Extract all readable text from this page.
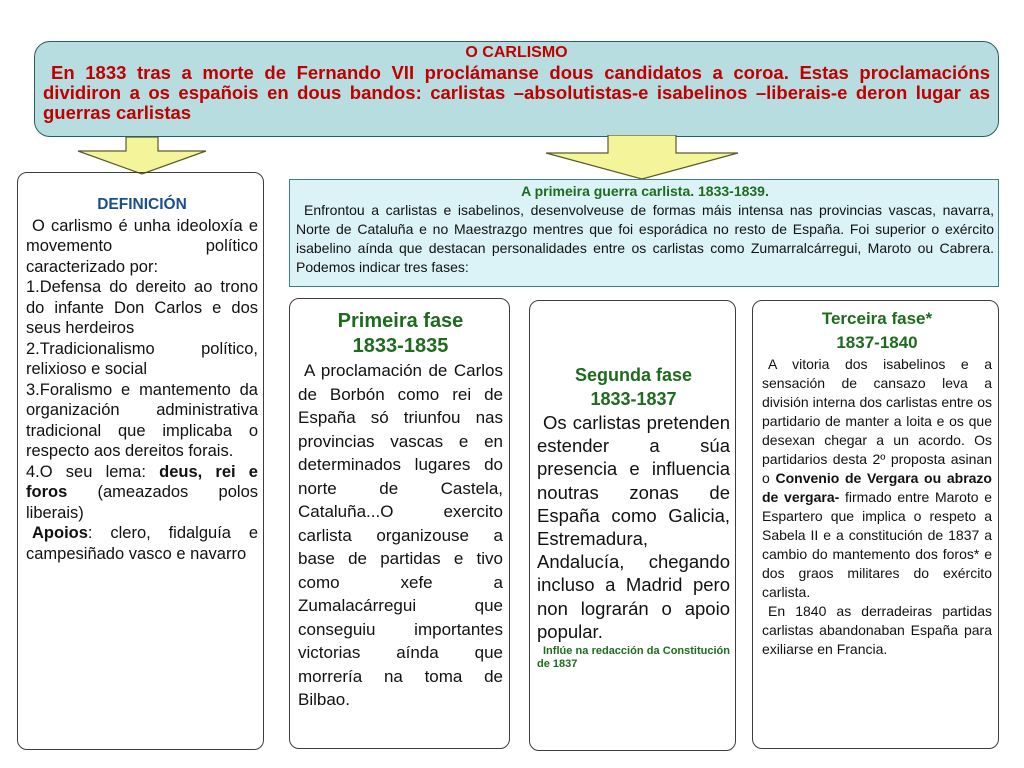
O CARLISMO
En 1833 tras a morte de Fernando VII proclámanse dous candidatos a coroa. Estas proclamacións dividiron a os españois en dous bandos: carlistas –absolutistas-e isabelinos –liberais-e deron lugar as guerras carlistas
DEFINICIÓN
O carlismo é unha ideoloxía e movemento político caracterizado por:
1.Defensa do dereito ao trono do infante Don Carlos e dos seus herdeiros
2.Tradicionalismo político, relixioso e social
3.Foralismo e mantemento da organización administrativa tradicional que implicaba o respecto aos dereitos forais.
4.O seu lema: deus, rei e foros (ameazados polos liberais)
Apoios: clero, fidalguía e campesiñado vasco e navarro
A primeira guerra carlista. 1833-1839.
Enfrontou a carlistas e isabelinos, desenvolveuse de formas máis intensa nas provincias vascas, navarra, Norte de Cataluña e no Maestrazgo mentres que foi esporádica no resto de España. Foi superior o exército isabelino aínda que destacan personalidades entre os carlistas como Zumarralcárregui, Maroto ou Cabrera. Podemos indicar tres fases:
Primeira fase
1833-1835
A proclamación de Carlos de Borbón como rei de España só triunfou nas provincias vascas e en determinados lugares do norte de Castela, Cataluña...O exercito carlista organizouse a base de partidas e tivo como xefe a Zumalacárregui que conseguiu importantes victorias aínda que morrería na toma de Bilbao.
Segunda fase
1833-1837
Os carlistas pretenden estender a súa presencia e influencia noutras zonas de España como Galicia, Estremadura, Andalucía, chegando incluso a Madrid pero non lograrán o apoio popular.
Inflúe na redacción da Constitución de 1837
Terceira fase*
1837-1840
A vitoria dos isabelinos e a sensación de cansazo leva a división interna dos carlistas entre os partidario de manter a loita e os que desexan chegar a un acordo. Os partidarios desta 2º proposta asinan o Convenio de Vergara ou abrazo de vergara- firmado entre Maroto e Espartero que implica o respeto a Sabela II e a constitución de 1837 a cambio do mantemento dos foros* e dos graos militares do exército carlista.
En 1840 as derradeiras partidas carlistas abandonaban España para exiliarse en Francia.
